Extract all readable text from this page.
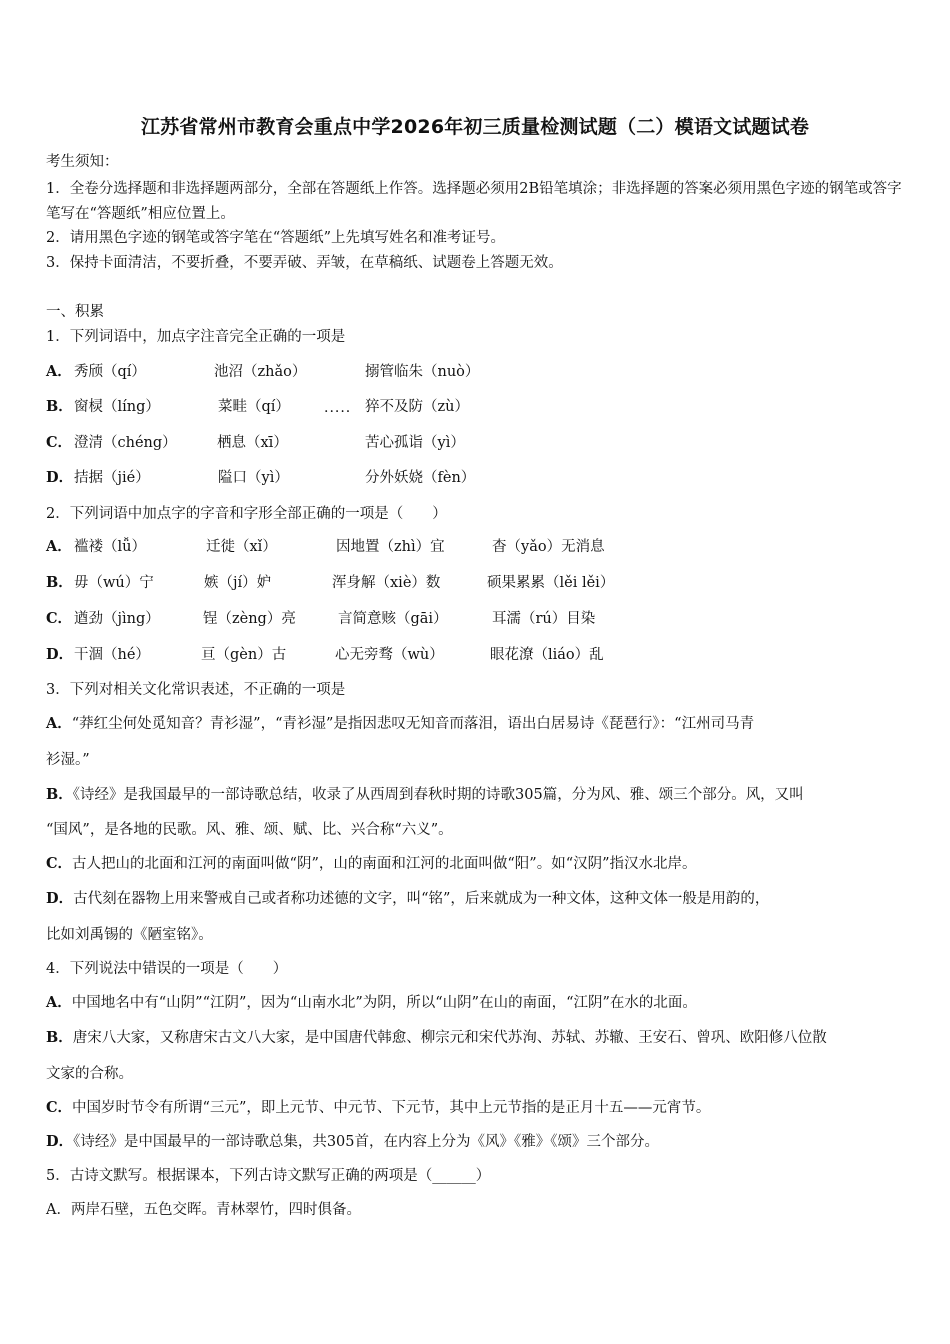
江苏省常州市教育会重点中学2026年初三质量检测试题（二）模语文试题试卷
考生须知：
1．全卷分选择题和非选择题两部分，全部在答题纸上作答。选择题必须用2B铅笔填涂；非选择题的答案必须用黑色字迹的钢笔或答字笔写在“答题纸”相应位置上。
2．请用黑色字迹的钢笔或答字笔在“答题纸”上先填写姓名和准考证号。
3．保持卡面清洁，不要折叠，不要弄破、弄皱，在草稿纸、试题卷上答题无效。
一、积累
1．下列词语中，加点字注音完全正确的一项是
A． 秀颀（qí）	池沼（zhǎo）	搦管临朱（nuò）
B． 窗棂（líng）	菜畦（qí） ..... 猝不及防（zù）
C． 澄清（chéng）	栖息（xī）	苦心孤诣（yì）
D． 拮据（jié）	隘口（yì）	分外妖娆（fèn）
2．下列词语中加点字的字音和字形全部正确的一项是（　　）
A． 褴褛（lǚ）	迁徙（xǐ）	因地置（zhì）宜	杳（yǎo）无消息
B． 毋（wú）宁	嫉（jí）妒	浑身解（xiè）数	硕果累累（lěi lěi）
C． 遒劲（jìng）	锃（zèng）亮	言简意赅（gāi）	耳濡（rú）目染
D． 干涸（hé）	亘（gèn）古	心无旁骛（wù）	眼花潦（liáo）乱
3．下列对相关文化常识表述，不正确的一项是
A．“莽红尘何处觅知音？青衫湿”，“青衫湿”是指因悲叹无知音而落泪，语出白居易诗《琵琶行》：“江州司马青
衫湿。”
B．《诗经》是我国最早的一部诗歌总结，收录了从西周到春秋时期的诗歌305篇，分为风、雅、颂三个部分。风，又叫
“国风”，是各地的民歌。风、雅、颂、赋、比、兴合称“六义”。
C．古人把山的北面和江河的南面叫做“阴”，山的南面和江河的北面叫做“阳”。如“汉阴”指汉水北岸。
D．古代刻在器物上用来警戒自己或者称功述德的文字，叫“铭”，后来就成为一种文体，这种文体一般是用韵的，
比如刘禹锡的《陋室铭》。
4．下列说法中错误的一项是（　　）
A．中国地名中有“山阴”“江阴”，因为“山南水北”为阴，所以“山阴”在山的南面，“江阴”在水的北面。
B．唐宋八大家，又称唐宋古文八大家，是中国唐代韩愈、柳宗元和宋代苏洵、苏轼、苏辙、王安石、曾巩、欧阳修八位散
文家的合称。
C．中国岁时节令有所谓“三元”，即上元节、中元节、下元节，其中上元节指的是正月十五——元宵节。
D．《诗经》是中国最早的一部诗歌总集，共305首，在内容上分为《风》《雅》《颂》三个部分。
5．古诗文默写。根据课本，下列古诗文默写正确的两项是（______）
A．两岸石壁，五色交晖。青林翠竹，四时俱备。
